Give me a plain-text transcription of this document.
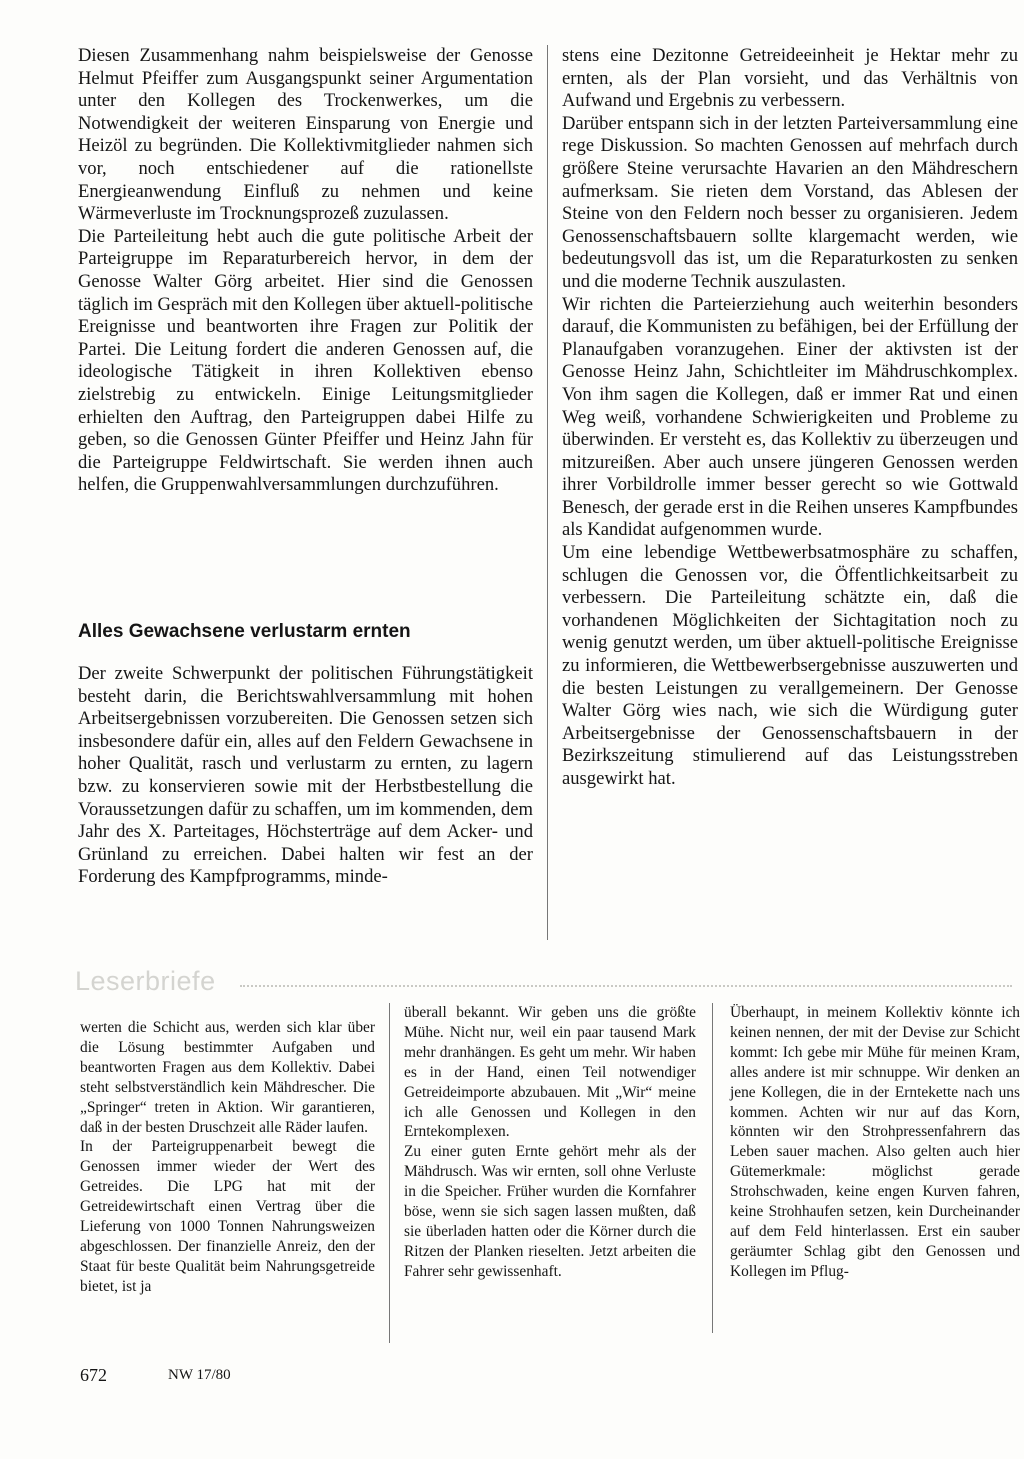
Diesen Zusammenhang nahm beispielsweise der Genosse Helmut Pfeiffer zum Ausgangspunkt seiner Argumentation unter den Kollegen des Trockenwerkes, um die Notwendigkeit der weiteren Einsparung von Energie und Heizöl zu begründen. Die Kollektivmitglieder nahmen sich vor, noch entschiedener auf die rationellste Energieanwendung Einfluß zu nehmen und keine Wärmeverluste im Trocknungsprozeß zuzulassen.

Die Parteileitung hebt auch die gute politische Arbeit der Parteigruppe im Reparaturbereich hervor, in dem der Genosse Walter Görg arbeitet. Hier sind die Genossen täglich im Gespräch mit den Kollegen über aktuell-politische Ereignisse und beantworten ihre Fragen zur Politik der Partei. Die Leitung fordert die anderen Genossen auf, die ideologische Tätigkeit in ihren Kollektiven ebenso zielstrebig zu entwickeln. Einige Leitungsmitglieder erhielten den Auftrag, den Parteigruppen dabei Hilfe zu geben, so die Genossen Günter Pfeiffer und Heinz Jahn für die Parteigruppe Feldwirtschaft. Sie werden ihnen auch helfen, die Gruppenwahlversammlungen durchzuführen.

Alles Gewachsene verlustarm ernten

Der zweite Schwerpunkt der politischen Führungstätigkeit besteht darin, die Berichtswahlversammlung mit hohen Arbeitsergebnissen vorzubereiten. Die Genossen setzen sich insbesondere dafür ein, alles auf den Feldern Gewachsene in hoher Qualität, rasch und verlustarm zu ernten, zu lagern bzw. zu konservieren sowie mit der Herbstbestellung die Voraussetzungen dafür zu schaffen, um im kommenden, dem Jahr des X. Parteitages, Höchsterträge auf dem Acker- und Grünland zu erreichen. Dabei halten wir fest an der Forderung des Kampfprogramms, minde-

stens eine Dezitonne Getreideeinheit je Hektar mehr zu ernten, als der Plan vorsieht, und das Verhältnis von Aufwand und Ergebnis zu verbessern.

Darüber entspann sich in der letzten Parteiversammlung eine rege Diskussion. So machten Genossen auf mehrfach durch größere Steine verursachte Havarien an den Mähdreschern aufmerksam. Sie rieten dem Vorstand, das Ablesen der Steine von den Feldern noch besser zu organisieren. Jedem Genossenschaftsbauern sollte klargemacht werden, wie bedeutungsvoll das ist, um die Reparaturkosten zu senken und die moderne Technik auszulasten.

Wir richten die Parteierziehung auch weiterhin besonders darauf, die Kommunisten zu befähigen, bei der Erfüllung der Planaufgaben voranzugehen. Einer der aktivsten ist der Genosse Heinz Jahn, Schichtleiter im Mähdruschkomplex. Von ihm sagen die Kollegen, daß er immer Rat und einen Weg weiß, vorhandene Schwierigkeiten und Probleme zu überwinden. Er versteht es, das Kollektiv zu überzeugen und mitzureißen. Aber auch unsere jüngeren Genossen werden ihrer Vorbildrolle immer besser gerecht so wie Gottwald Benesch, der gerade erst in die Reihen unseres Kampfbundes als Kandidat aufgenommen wurde.

Um eine lebendige Wettbewerbsatmosphäre zu schaffen, schlugen die Genossen vor, die Öffentlichkeitsarbeit zu verbessern. Die Parteileitung schätzte ein, daß die vorhandenen Möglichkeiten der Sichtagitation noch zu wenig genutzt werden, um über aktuell-politische Ereignisse zu informieren, die Wettbewerbsergebnisse auszuwerten und die besten Leistungen zu verallgemeinern. Der Genosse Walter Görg wies nach, wie sich die Würdigung guter Arbeitsergebnisse der Genossenschaftsbauern in der Bezirkszeitung stimulierend auf das Leistungsstreben ausgewirkt hat.

Leserbriefe

werten die Schicht aus, werden sich klar über die Lösung bestimmter Aufgaben und beantworten Fragen aus dem Kollektiv. Dabei steht selbstverständlich kein Mähdrescher. Die „Springer“ treten in Aktion. Wir garantieren, daß in der besten Druschzeit alle Räder laufen.

In der Parteigruppenarbeit bewegt die Genossen immer wieder der Wert des Getreides. Die LPG hat mit der Getreidewirtschaft einen Vertrag über die Lieferung von 1000 Tonnen Nahrungsweizen abgeschlossen. Der finanzielle Anreiz, den der Staat für beste Qualität beim Nahrungsgetreide bietet, ist ja

überall bekannt. Wir geben uns die größte Mühe. Nicht nur, weil ein paar tausend Mark mehr dranhängen. Es geht um mehr. Wir haben es in der Hand, einen Teil notwendiger Getreideimporte abzubauen. Mit „Wir“ meine ich alle Genossen und Kollegen in den Erntekomplexen.

Zu einer guten Ernte gehört mehr als der Mähdrusch. Was wir ernten, soll ohne Verluste in die Speicher. Früher wurden die Kornfahrer böse, wenn sie sich sagen lassen mußten, daß sie überladen hatten oder die Körner durch die Ritzen der Planken rieselten. Jetzt arbeiten die Fahrer sehr gewissenhaft.

Überhaupt, in meinem Kollektiv könnte ich keinen nennen, der mit der Devise zur Schicht kommt: Ich gebe mir Mühe für meinen Kram, alles andere ist mir schnuppe. Wir denken an jene Kollegen, die in der Erntekette nach uns kommen. Achten wir nur auf das Korn, könnten wir den Strohpressenfahrern das Leben sauer machen. Also gelten auch hier Gütemerkmale: möglichst gerade Strohschwaden, keine engen Kurven fahren, keine Strohhaufen setzen, kein Durcheinander auf dem Feld hinterlassen. Erst ein sauber geräumter Schlag gibt den Genossen und Kollegen im Pflug-

672	NW 17/80
